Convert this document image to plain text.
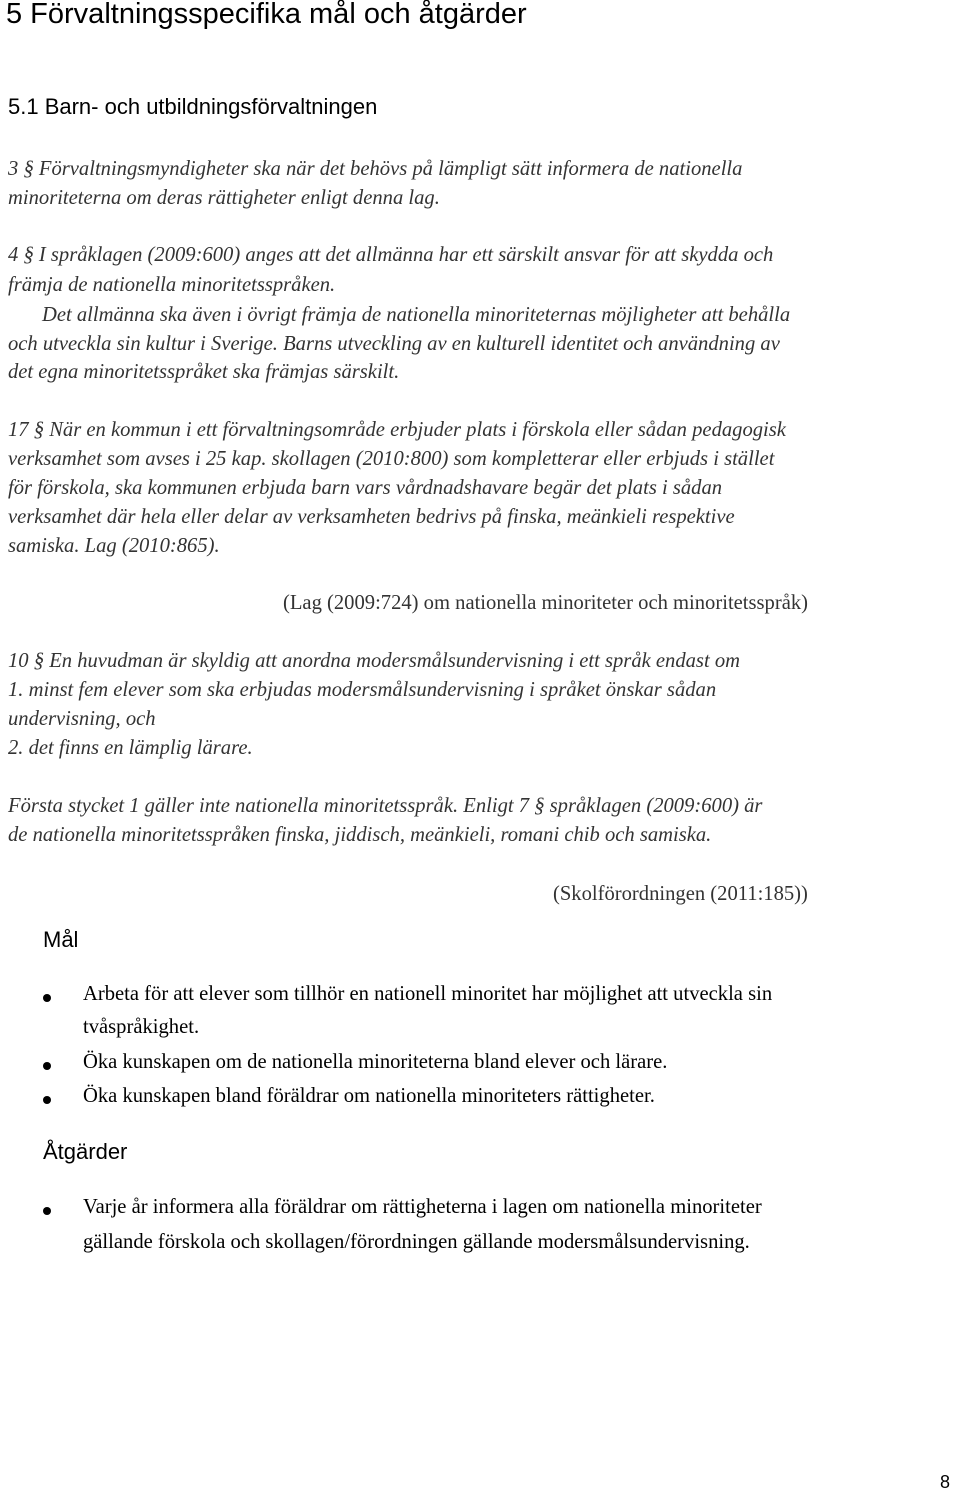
5 Förvaltningsspecifika mål och åtgärder
5.1 Barn- och utbildningsförvaltningen
3 § Förvaltningsmyndigheter ska när det behövs på lämpligt sätt informera de nationella
minoriteterna om deras rättigheter enligt denna lag.
4 § I språklagen (2009:600) anges att det allmänna har ett särskilt ansvar för att skydda och
främja de nationella minoritetsspråken.
Det allmänna ska även i övrigt främja de nationella minoriteternas möjligheter att behålla
och utveckla sin kultur i Sverige. Barns utveckling av en kulturell identitet och användning av
det egna minoritetsspråket ska främjas särskilt.
17 § När en kommun i ett förvaltningsområde erbjuder plats i förskola eller sådan pedagogisk
verksamhet som avses i 25 kap. skollagen (2010:800) som kompletterar eller erbjuds i stället
för förskola, ska kommunen erbjuda barn vars vårdnadshavare begär det plats i sådan
verksamhet där hela eller delar av verksamheten bedrivs på finska, meänkieli respektive
samiska. Lag (2010:865).
(Lag (2009:724) om nationella minoriteter och minoritetsspråk)
10 § En huvudman är skyldig att anordna modersmålsundervisning i ett språk endast om
1. minst fem elever som ska erbjudas modersmålsundervisning i språket önskar sådan
undervisning, och
2. det finns en lämplig lärare.
Första stycket 1 gäller inte nationella minoritetsspråk. Enligt 7 § språklagen (2009:600) är
de nationella minoritetsspråken finska, jiddisch, meänkieli, romani chib och samiska.
(Skolförordningen (2011:185))
Mål
Arbeta för att elever som tillhör en nationell minoritet har möjlighet att utveckla sin
tvåspråkighet.
Öka kunskapen om de nationella minoriteterna bland elever och lärare.
Öka kunskapen bland föräldrar om nationella minoriteters rättigheter.
Åtgärder
Varje år informera alla föräldrar om rättigheterna i lagen om nationella minoriteter
gällande förskola och skollagen/förordningen gällande modersmålsundervisning.
8
